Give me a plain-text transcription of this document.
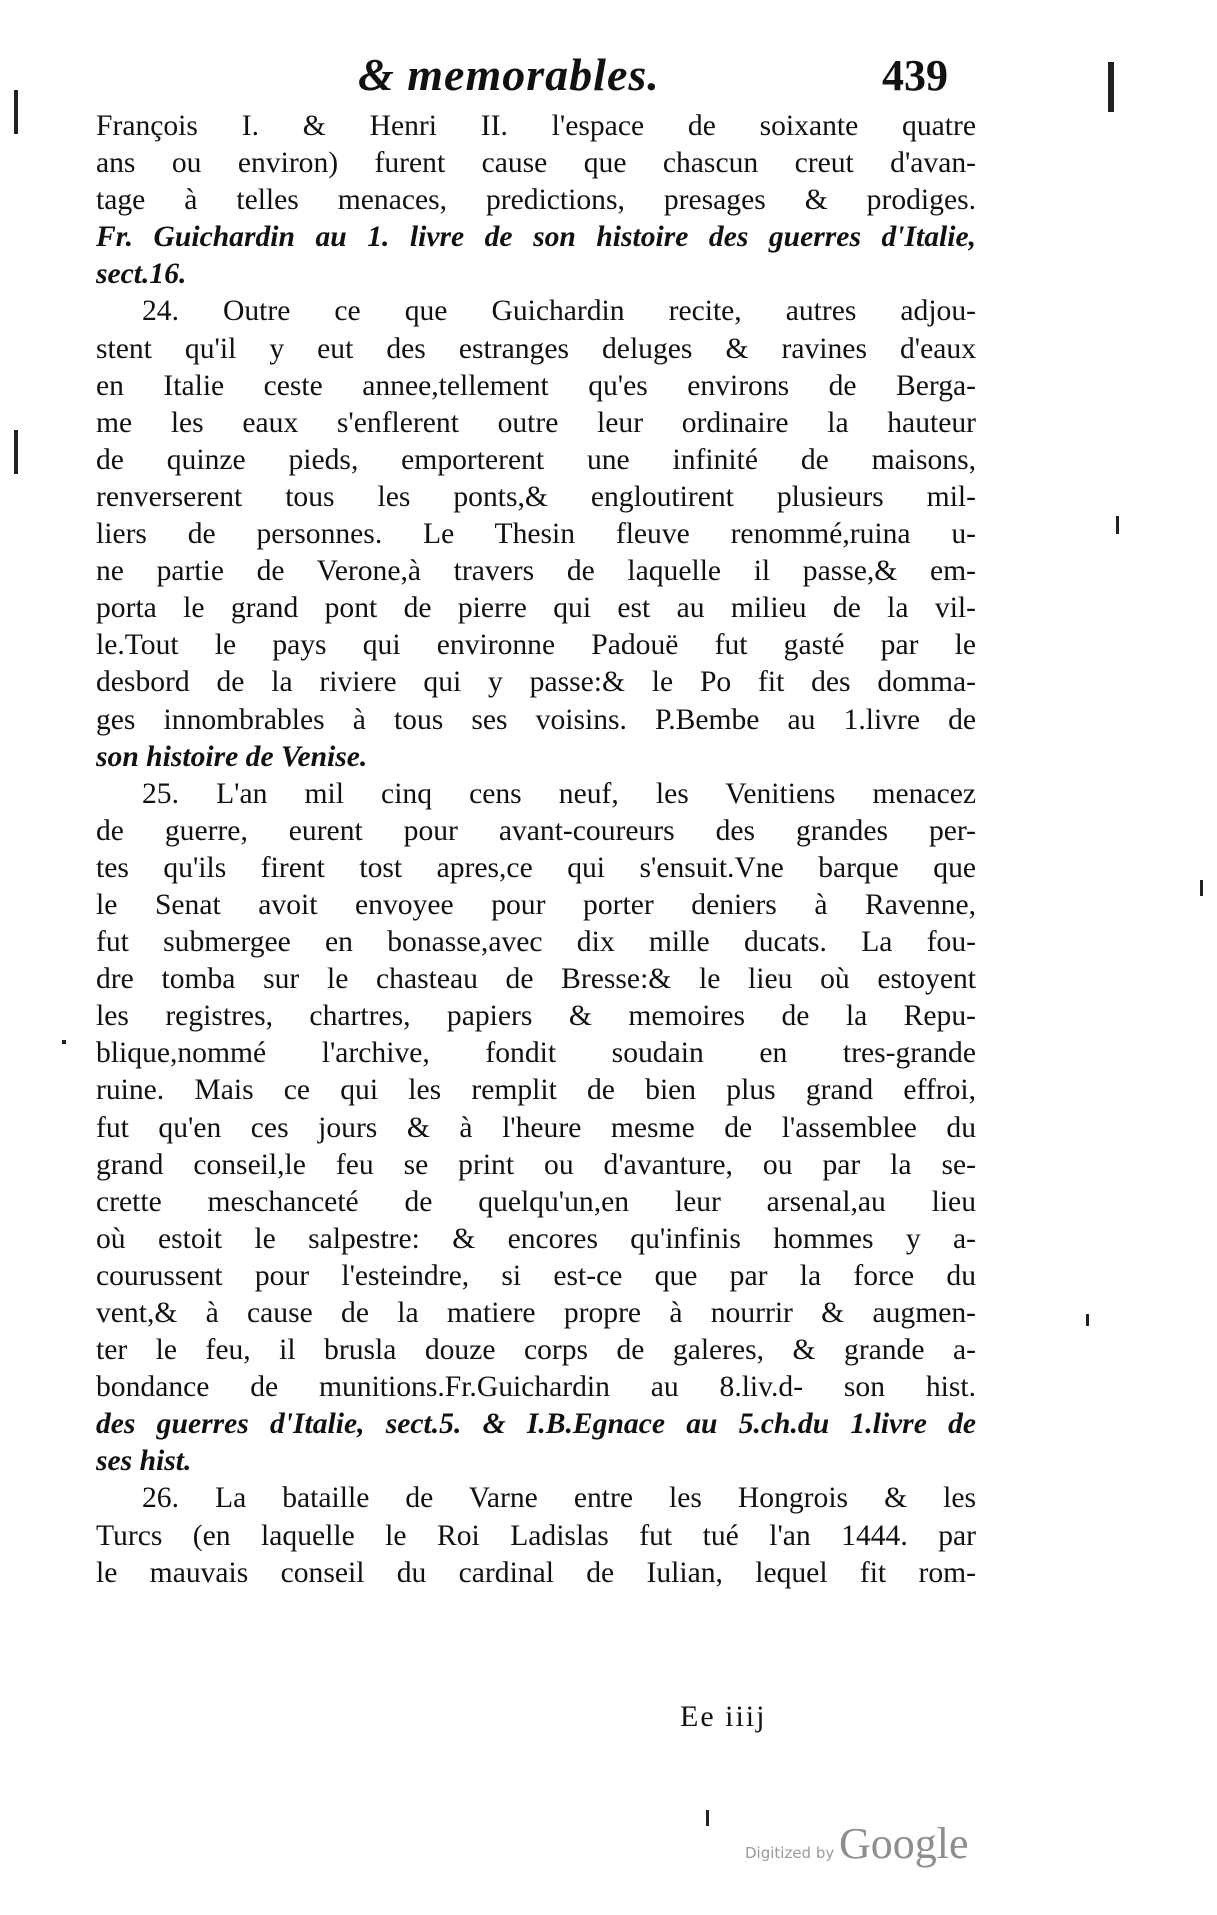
& memorables.	439
François I. & Henri II. l'espace de soixante quatre
ans ou environ) furent cause que chascun creut d'avan-
tage à telles menaces, predictions, presages & prodiges.
Fr. Guichardin au 1. livre de son histoire des guerres d'Italie,
sect.16.
24. Outre ce que Guichardin recite, autres adjou-
stent qu'il y eut des estranges deluges & ravines d'eaux
en Italie ceste annee,tellement qu'es environs de Berga-
me les eaux s'enflerent outre leur ordinaire la hauteur
de quinze pieds, emporterent une infinité de maisons,
renverserent tous les ponts,& engloutirent plusieurs mil-
liers de personnes. Le Thesin fleuve renommé,ruina u-
ne partie de Verone,à travers de laquelle il passe,& em-
porta le grand pont de pierre qui est au milieu de la vil-
le.Tout le pays qui environne Padouë fut gasté par le
desbord de la riviere qui y passe:& le Po fit des domma-
ges innombrables à tous ses voisins. P.Bembe au 1.livre de
son histoire de Venise.
25. L'an mil cinq cens neuf, les Venitiens menacez
de guerre, eurent pour avant-coureurs des grandes per-
tes qu'ils firent tost apres,ce qui s'ensuit.Vne barque que
le Senat avoit envoyee pour porter deniers à Ravenne,
fut submergee en bonasse,avec dix mille ducats. La fou-
dre tomba sur le chasteau de Bresse:& le lieu où estoyent
les registres, chartres, papiers & memoires de la Repu-
blique,nommé l'archive, fondit soudain en tres-grande
ruine. Mais ce qui les remplit de bien plus grand effroi,
fut qu'en ces jours & à l'heure mesme de l'assemblee du
grand conseil,le feu se print ou d'avanture, ou par la se-
crette meschanceté de quelqu'un,en leur arsenal,au lieu
où estoit le salpestre: & encores qu'infinis hommes y a-
courussent pour l'esteindre, si est-ce que par la force du
vent,& à cause de la matiere propre à nourrir & augmen-
ter le feu, il brusla douze corps de galeres, & grande a-
bondance de munitions.Fr.Guichardin au 8.liv.d- son hist.
des guerres d'Italie, sect.5. & I.B.Egnace au 5.ch.du 1.livre de
ses hist.
26. La bataille de Varne entre les Hongrois & les
Turcs (en laquelle le Roi Ladislas fut tué l'an 1444. par
le mauvais conseil du cardinal de Iulian, lequel fit rom-
Ee iiij
Digitized by Google
